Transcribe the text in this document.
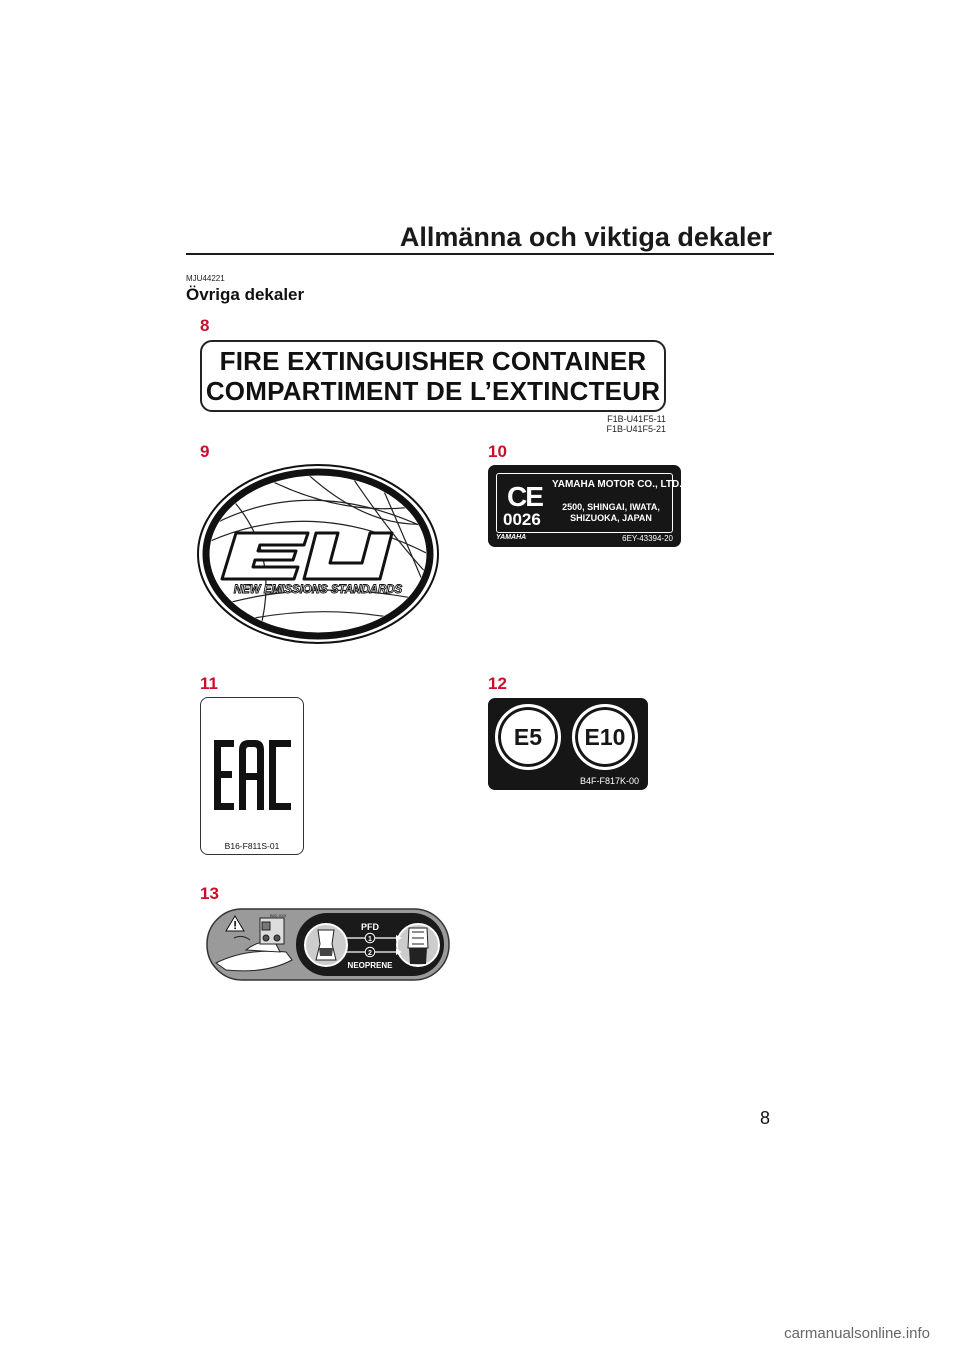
Allmänna och viktiga dekaler
MJU44221
Övriga dekaler
8
FIRE EXTINGUISHER CONTAINER
COMPARTIMENT DE L’EXTINCTEUR
F1B-U41F5-11
F1B-U41F5-21
9
NEW EMISSIONS STANDARDS
10
CE
0026
YAMAHA MOTOR CO., LTD.
2500, SHINGAI, IWATA,
SHIZUOKA, JAPAN
YAMAHA	6EY-43394-20
11
B16-F811S-01
12
E5	E10
B4F-F817K-00
13
B02-XXX
1
2
PFD
NEOPRENE
8
carmanualsonline.info
